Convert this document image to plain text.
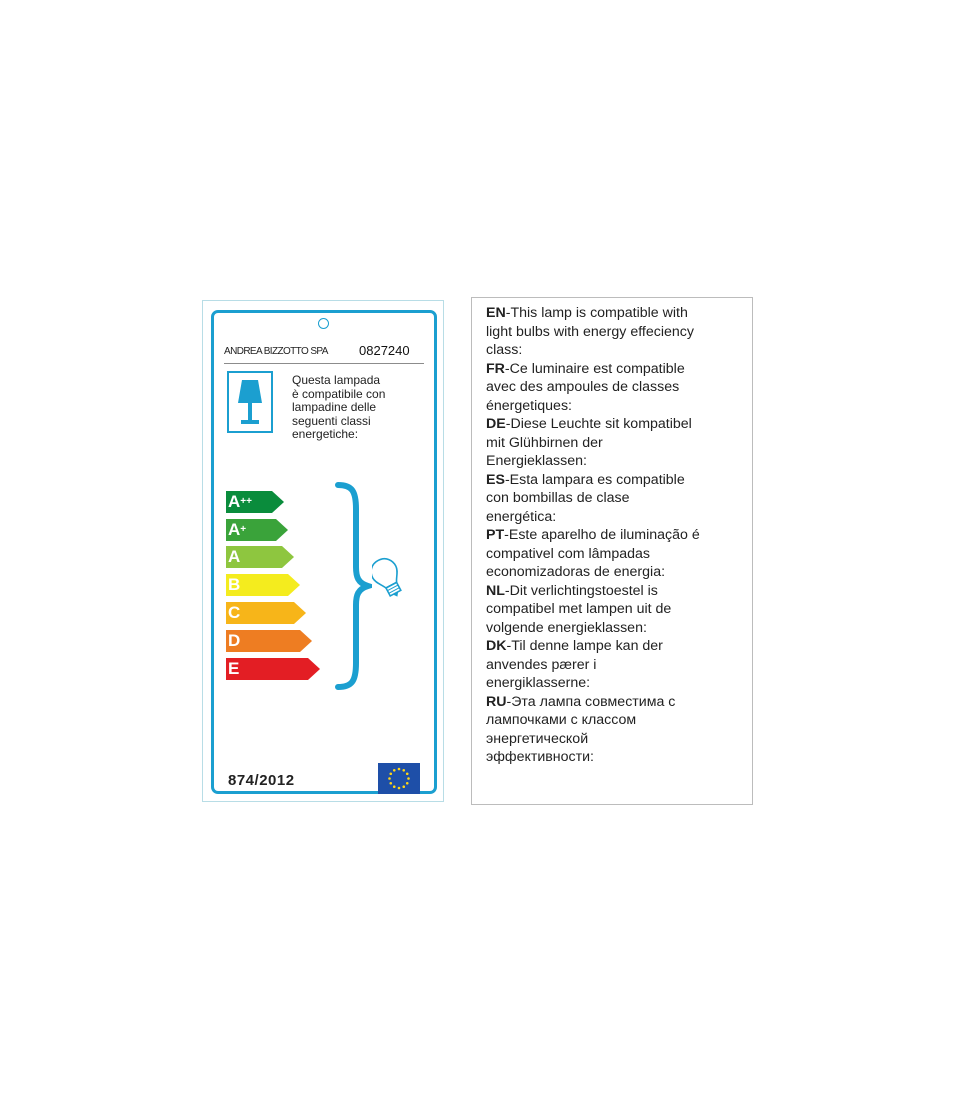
ANDREA BIZZOTTO SPA 0827240
Questa lampada
è compatibile con
lampadine delle
seguenti classi
energetiche:
A++
A+
A
B
C
D
E
874/2012
EN-This lamp is compatible with
light bulbs with energy effeciency
class:
FR-Ce luminaire est compatible
avec des ampoules de classes
énergetiques:
DE-Diese Leuchte sit kompatibel
mit Glühbirnen der
Energieklassen:
ES-Esta lampara es compatible
con bombillas de clase
energética:
PT-Este aparelho de iluminação é
compativel com lâmpadas
economizadoras de energia:
NL-Dit verlichtingstoestel is
compatibel met lampen uit de
volgende energieklassen:
DK-Til denne lampe kan der
anvendes pærer i
energiklasserne:
RU-Эта лампа совместима с
лампочками с классом
энергетической
эффективности:
